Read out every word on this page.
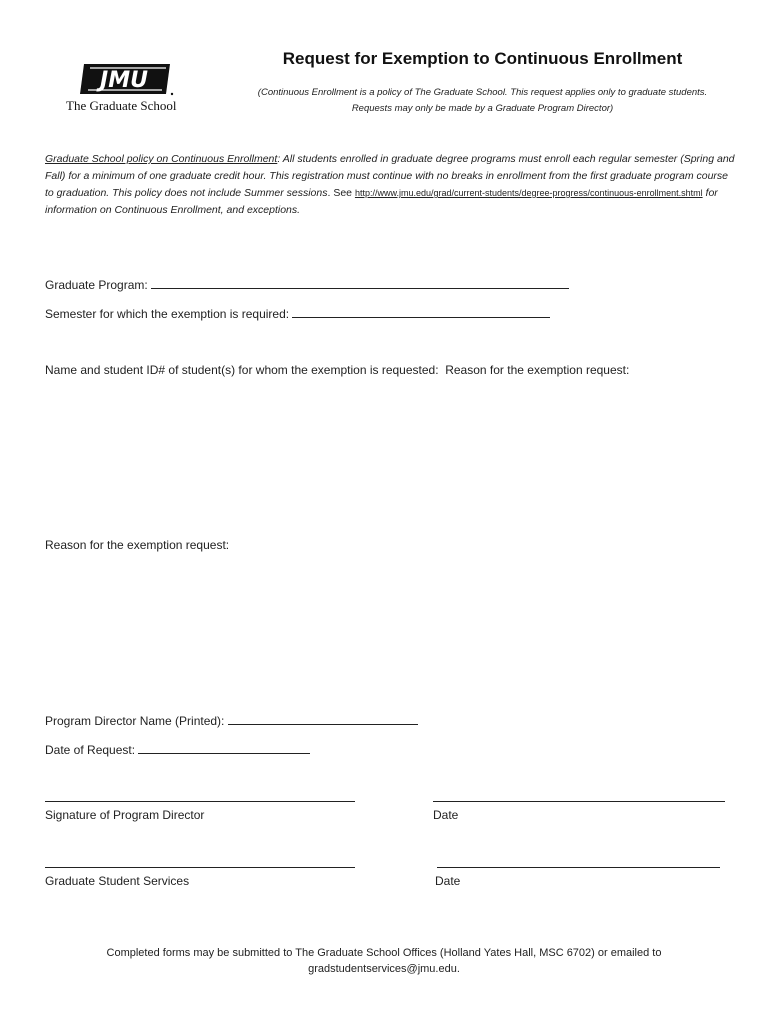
JMU
The Graduate School
Request for Exemption to Continuous Enrollment
(Continuous Enrollment is a policy of The Graduate School. This request applies only to graduate students.
Requests may only be made by a Graduate Program Director)
Graduate School policy on Continuous Enrollment: All students enrolled in graduate degree programs must enroll each regular semester (Spring and Fall) for a minimum of one graduate credit hour. This registration must continue with no breaks in enrollment from the first graduate program course to graduation. This policy does not include Summer sessions. See http://www.jmu.edu/grad/current-students/degree-progress/continuous-enrollment.shtml for information on Continuous Enrollment, and exceptions.
Graduate Program:
Semester for which the exemption is required:
Name and student ID# of student(s) for whom the exemption is requested: Reason for the exemption request:
Reason for the exemption request:
Program Director Name (Printed):
Date of Request:
Signature of Program Director	Date
Graduate Student Services	Date
Completed forms may be submitted to The Graduate School Offices (Holland Yates Hall, MSC 6702) or emailed to
gradstudentservices@jmu.edu.
